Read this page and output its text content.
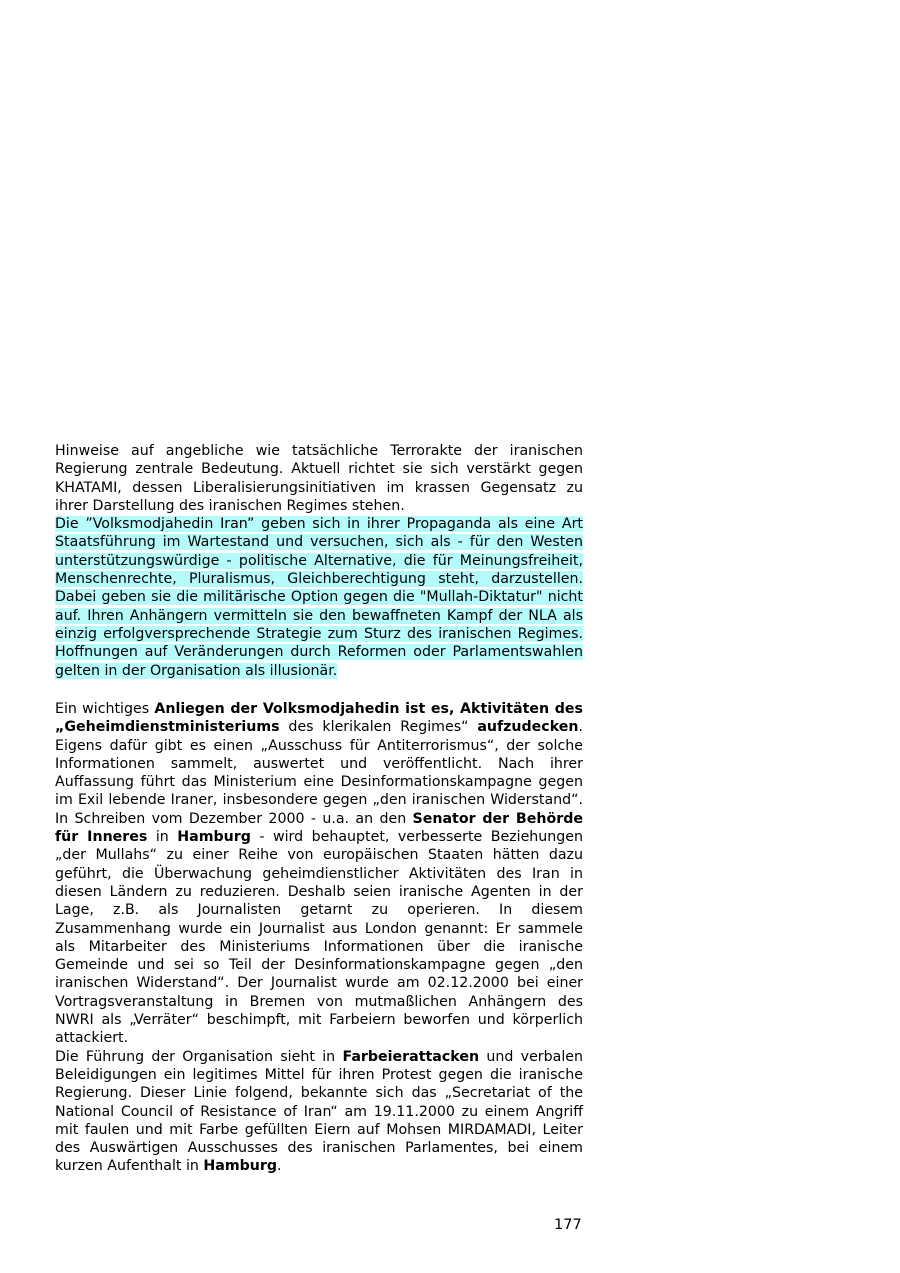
Hinweise auf angebliche wie tatsächliche Terrorakte der iranischen Regierung zentrale Bedeutung. Aktuell richtet sie sich verstärkt gegen KHATAMI, dessen Liberalisierungsinitiativen im krassen Gegensatz zu ihrer Darstellung des iranischen Regimes stehen.

Die ”Volksmodjahedin Iran” geben sich in ihrer Propaganda als eine Art Staatsführung im Wartestand und versuchen, sich als - für den Westen unterstützungswürdige - politische Alternative, die für Meinungsfreiheit, Menschenrechte, Pluralismus, Gleichberechtigung steht, darzustellen. Dabei geben sie die militärische Option gegen die "Mullah-Diktatur" nicht auf. Ihren Anhängern vermitteln sie den bewaffneten Kampf der NLA als einzig erfolgversprechende Strategie zum Sturz des iranischen Regimes. Hoffnungen auf Veränderungen durch Reformen oder Parlamentswahlen gelten in der Organisation als illusionär.

Ein wichtiges Anliegen der Volksmodjahedin ist es, Aktivitäten des „Geheimdienstministeriums des klerikalen Regimes“ aufzudecken. Eigens dafür gibt es einen „Ausschuss für Antiterrorismus“, der solche Informationen sammelt, auswertet und veröffentlicht. Nach ihrer Auffassung führt das Ministerium eine Desinformationskampagne gegen im Exil lebende Iraner, insbesondere gegen „den iranischen Widerstand“. In Schreiben vom Dezember 2000 - u.a. an den Senator der Behörde für Inneres in Hamburg - wird behauptet, verbesserte Beziehungen „der Mullahs“ zu einer Reihe von europäischen Staaten hätten dazu geführt, die Überwachung geheimdienstlicher Aktivitäten des Iran in diesen Ländern zu reduzieren. Deshalb seien iranische Agenten in der Lage, z.B. als Journalisten getarnt zu operieren. In diesem Zusammenhang wurde ein Journalist aus London genannt: Er sammele als Mitarbeiter des Ministeriums Informationen über die iranische Gemeinde und sei so Teil der Desinformationskampagne gegen „den iranischen Widerstand“. Der Journalist wurde am 02.12.2000 bei einer Vortragsveranstaltung in Bremen von mutmaßlichen Anhängern des NWRI als „Verräter“ beschimpft, mit Farbeiern beworfen und körperlich attackiert.

Die Führung der Organisation sieht in Farbeierattacken und verbalen Beleidigungen ein legitimes Mittel für ihren Protest gegen die iranische Regierung. Dieser Linie folgend, bekannte sich das „Secretariat of the National Council of Resistance of Iran“ am 19.11.2000 zu einem Angriff mit faulen und mit Farbe gefüllten Eiern auf Mohsen MIRDAMADI, Leiter des Auswärtigen Ausschusses des iranischen Parlamentes, bei einem kurzen Aufenthalt in Hamburg.

177
